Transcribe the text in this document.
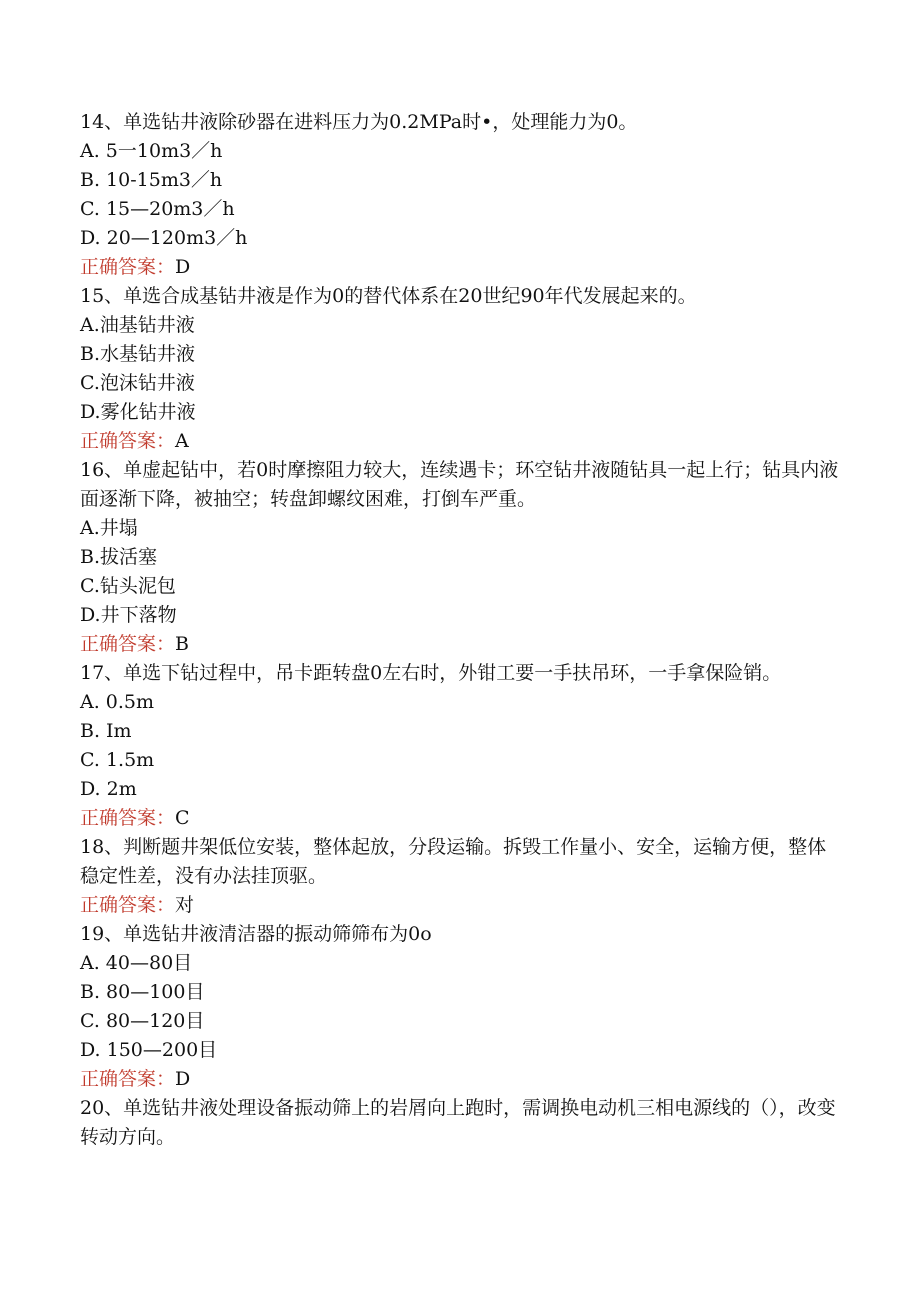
14、单选钻井液除砂器在进料压力为0.2MPa时•，处理能力为0。
A. 5一10m3／h
B. 10-15m3／h
C. 15—20m3／h
D. 20—120m3／h
正确答案：D
15、单选合成基钻井液是作为0的替代体系在20世纪90年代发展起来的。
A.油基钻井液
B.水基钻井液
C.泡沫钻井液
D.雾化钻井液
正确答案：A
16、单虚起钻中，若0时摩擦阻力较大，连续遇卡；环空钻井液随钻具一起上行；钻具内液面逐渐下降，被抽空；转盘卸螺纹困难，打倒车严重。
A.井塌
B.拔活塞
C.钻头泥包
D.井下落物
正确答案：B
17、单选下钻过程中，吊卡距转盘0左右时，外钳工要一手扶吊环，一手拿保险销。
A. 0.5m
B. Im
C. 1.5m
D. 2m
正确答案：C
18、判断题井架低位安装，整体起放，分段运输。拆毁工作量小、安全，运输方便，整体稳定性差，没有办法挂顶驱。
正确答案：对
19、单选钻井液清洁器的振动筛筛布为0o
A. 40—80目
B. 80—100目
C. 80—120目
D. 150—200目
正确答案：D
20、单选钻井液处理设备振动筛上的岩屑向上跑时，需调换电动机三相电源线的（），改变转动方向。
